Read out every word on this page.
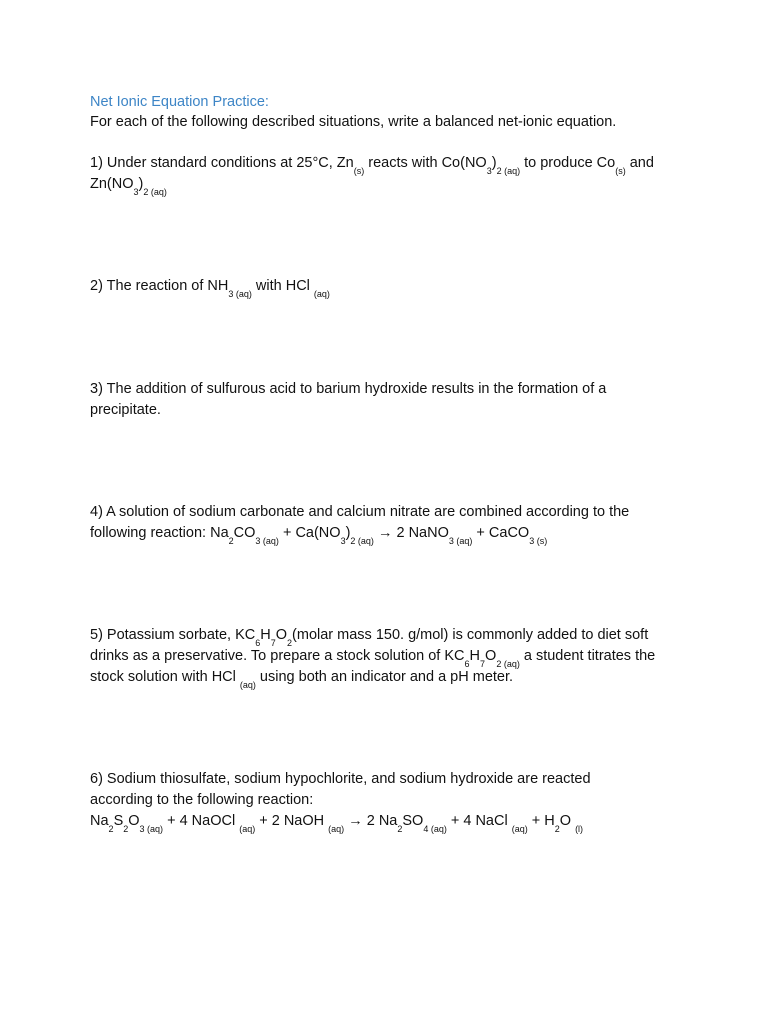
Net Ionic Equation Practice:
For each of the following described situations, write a balanced net-ionic equation.
1) Under standard conditions at 25°C, $Zn_{(s)}$ reacts with $Co(NO_3)_{2 (aq)}$ to produce $Co_{(s)}$ and
$Zn(NO_3)_{2 (aq)}$
2) The reaction of $NH_{3 (aq)}$ with HCl $_{(aq)}$
3) The addition of sulfurous acid to barium hydroxide results in the formation of a
precipitate.
4) A solution of sodium carbonate and calcium nitrate are combined according to the
following reaction: $Na_2CO_{3 (aq)} + Ca(NO_3)_{2 (aq)} \to 2$ NaNO$_{3 (aq)}$ + CaCO$_{3 (s)}$
5) Potassium sorbate, $KC_6H_7O_2(molar$ mass 150. g/mol) is commonly added to diet soft
drinks as a preservative. To prepare a stock solution of $KC_6H_7O_{2 (aq)}$ a student titrates the
stock solution with HCl $_{(aq)}$ using both an indicator and a pH meter.
6) Sodium thiosulfate, sodium hypochlorite, and sodium hydroxide are reacted
according to the following reaction:
$Na_2S_2O_{3 (aq)} + 4$ NaOCl $_{(aq)}$ + 2 NaOH $_{(aq)}$ → 2 $Na_2SO_{4 (aq)} + 4$ NaCl $_{(aq)} + H_2O$ $_{(l)}$
